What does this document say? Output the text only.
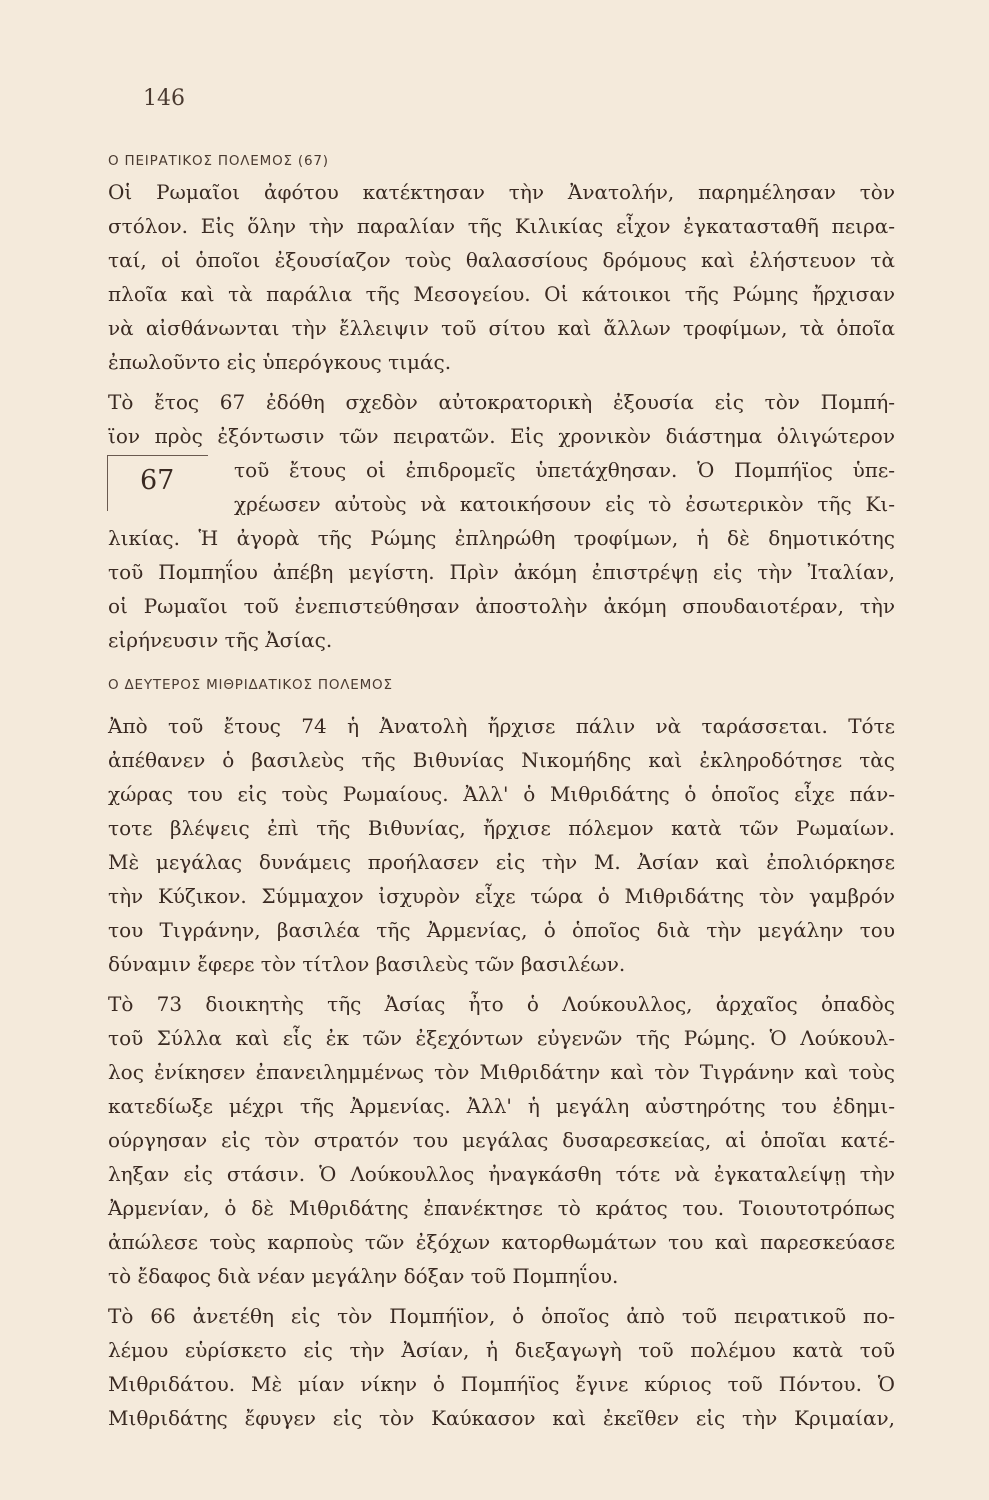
146
Ο ΠΕΙΡΑΤΙΚΟΣ ΠΟΛΕΜΟΣ (67)
Οἱ Ρωμαῖοι ἀφότου κατέκτησαν τὴν Ἀνατολήν, παρημέλησαν τὸν
στόλον. Εἰς ὅλην τὴν παραλίαν τῆς Κιλικίας εἶχον ἐγκατασταθῆ πειρα-
ταί, οἱ ὁποῖοι ἐξουσίαζον τοὺς θαλασσίους δρόμους καὶ ἐλήστευον τὰ
πλοῖα καὶ τὰ παράλια τῆς Μεσογείου. Οἱ κάτοικοι τῆς Ρώμης ἤρχισαν
νὰ αἰσθάνωνται τὴν ἔλλειψιν τοῦ σίτου καὶ ἄλλων τροφίμων, τὰ ὁποῖα
ἐπωλοῦντο εἰς ὑπερόγκους τιμάς.
Τὸ ἔτος 67 ἐδόθη σχεδὸν αὐτοκρατορικὴ ἐξουσία εἰς τὸν Πομπή-
ϊον πρὸς ἐξόντωσιν τῶν πειρατῶν. Εἰς χρονικὸν διάστημα ὀλιγώτερον
67	τοῦ ἔτους οἱ ἐπιδρομεῖς ὑπετάχθησαν. Ὁ Πομπήϊος ὑπε-
χρέωσεν αὐτοὺς νὰ κατοικήσουν εἰς τὸ ἐσωτερικὸν τῆς Κι-
λικίας. Ἡ ἀγορὰ τῆς Ρώμης ἐπληρώθη τροφίμων, ἡ δὲ δημοτικότης
τοῦ Πομπηΐου ἀπέβη μεγίστη. Πρὶν ἀκόμη ἐπιστρέψῃ εἰς τὴν Ἰταλίαν,
οἱ Ρωμαῖοι τοῦ ἐνεπιστεύθησαν ἀποστολὴν ἀκόμη σπουδαιοτέραν, τὴν
εἰρήνευσιν τῆς Ἀσίας.
Ο ΔΕΥΤΕΡΟΣ ΜΙΘΡΙΔΑΤΙΚΟΣ ΠΟΛΕΜΟΣ
Ἀπὸ τοῦ ἔτους 74 ἡ Ἀνατολὴ ἤρχισε πάλιν νὰ ταράσσεται. Τότε
ἀπέθανεν ὁ βασιλεὺς τῆς Βιθυνίας Νικομήδης καὶ ἐκληροδότησε τὰς
χώρας του εἰς τοὺς Ρωμαίους. Ἀλλ' ὁ Μιθριδάτης ὁ ὁποῖος εἶχε πάν-
τοτε βλέψεις ἐπὶ τῆς Βιθυνίας, ἤρχισε πόλεμον κατὰ τῶν Ρωμαίων.
Μὲ μεγάλας δυνάμεις προήλασεν εἰς τὴν Μ. Ἀσίαν καὶ ἐπολιόρκησε
τὴν Κύζικον. Σύμμαχον ἰσχυρὸν εἶχε τώρα ὁ Μιθριδάτης τὸν γαμβρόν
του Τιγράνην, βασιλέα τῆς Ἀρμενίας, ὁ ὁποῖος διὰ τὴν μεγάλην του
δύναμιν ἔφερε τὸν τίτλον βασιλεὺς τῶν βασιλέων.
Τὸ 73 διοικητὴς τῆς Ἀσίας ἦτο ὁ Λούκουλλος, ἀρχαῖος ὀπαδὸς
τοῦ Σύλλα καὶ εἷς ἐκ τῶν ἐξεχόντων εὐγενῶν τῆς Ρώμης. Ὁ Λούκουλ-
λος ἐνίκησεν ἐπανειλημμένως τὸν Μιθριδάτην καὶ τὸν Τιγράνην καὶ τοὺς
κατεδίωξε μέχρι τῆς Ἀρμενίας. Ἀλλ' ἡ μεγάλη αὐστηρότης του ἐδημι-
ούργησαν εἰς τὸν στρατόν του μεγάλας δυσαρεσκείας, αἱ ὁποῖαι κατέ-
ληξαν εἰς στάσιν. Ὁ Λούκουλλος ἠναγκάσθη τότε νὰ ἐγκαταλείψῃ τὴν
Ἀρμενίαν, ὁ δὲ Μιθριδάτης ἐπανέκτησε τὸ κράτος του. Τοιουτοτρόπως
ἀπώλεσε τοὺς καρποὺς τῶν ἐξόχων κατορθωμάτων του καὶ παρεσκεύασε
τὸ ἔδαφος διὰ νέαν μεγάλην δόξαν τοῦ Πομπηΐου.
Τὸ 66 ἀνετέθη εἰς τὸν Πομπήϊον, ὁ ὁποῖος ἀπὸ τοῦ πειρατικοῦ πο-
λέμου εὑρίσκετο εἰς τὴν Ἀσίαν, ἡ διεξαγωγὴ τοῦ πολέμου κατὰ τοῦ
Μιθριδάτου. Μὲ μίαν νίκην ὁ Πομπήϊος ἔγινε κύριος τοῦ Πόντου. Ὁ
Μιθριδάτης ἔφυγεν εἰς τὸν Καύκασον καὶ ἐκεῖθεν εἰς τὴν Κριμαίαν,
